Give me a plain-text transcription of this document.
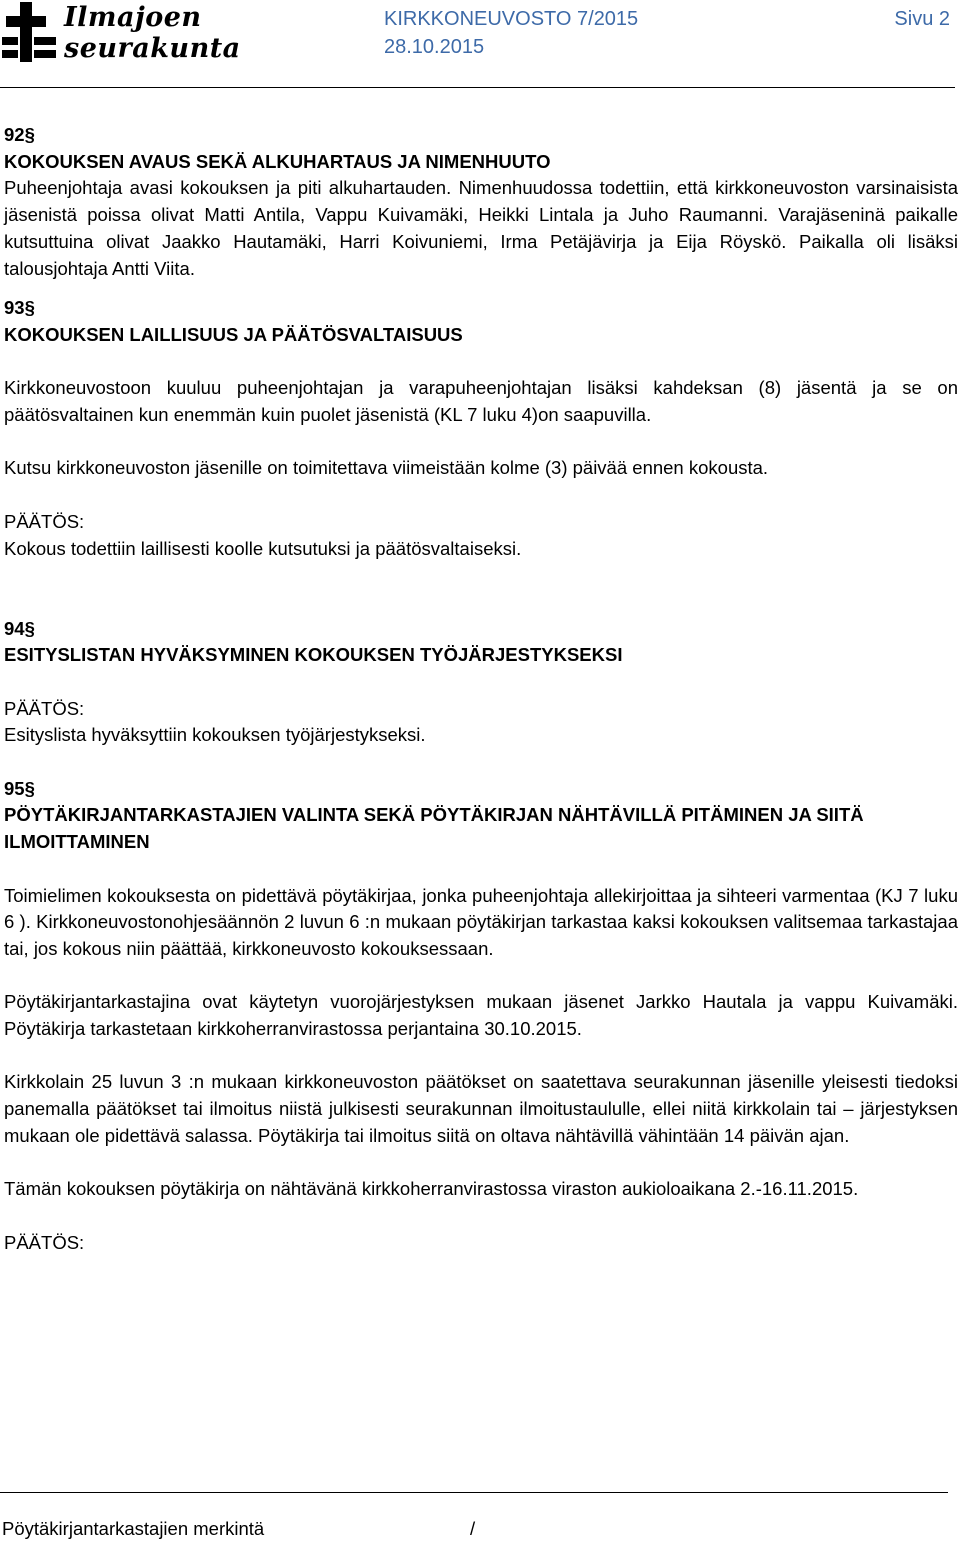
Ilmajoen
seurakunta
KIRKKONEUVOSTO 7/2015
28.10.2015
Sivu 2

92§

KOKOUKSEN AVAUS SEKÄ ALKUHARTAUS JA NIMENHUUTO

Puheenjohtaja avasi kokouksen ja piti alkuhartauden. Nimenhuudossa todettiin, että kirkkoneuvoston varsinaisista jäsenistä poissa olivat Matti Antila, Vappu Kuivamäki, Heikki Lintala ja Juho Raumanni. Varajäseninä paikalle kutsuttuina olivat Jaakko Hautamäki, Harri Koivuniemi, Irma Petäjävirja ja Eija Röyskö. Paikalla oli lisäksi talousjohtaja Antti Viita.

93§

KOKOUKSEN LAILLISUUS JA PÄÄTÖSVALTAISUUS

Kirkkoneuvostoon kuuluu puheenjohtajan ja varapuheenjohtajan lisäksi kahdeksan (8) jäsentä ja se on päätösvaltainen kun enemmän kuin puolet jäsenistä (KL 7 luku 4)on saapuvilla.

Kutsu kirkkoneuvoston jäsenille on toimitettava viimeistään kolme (3) päivää ennen kokousta.

PÄÄTÖS:

Kokous todettiin laillisesti koolle kutsutuksi ja päätösvaltaiseksi.

94§

ESITYSLISTAN HYVÄKSYMINEN KOKOUKSEN TYÖJÄRJESTYKSEKSI

PÄÄTÖS:

Esityslista hyväksyttiin kokouksen työjärjestykseksi.

95§

PÖYTÄKIRJANTARKASTAJIEN VALINTA SEKÄ PÖYTÄKIRJAN NÄHTÄVILLÄ PITÄMINEN JA SIITÄ ILMOITTAMINEN

Toimielimen kokouksesta on pidettävä pöytäkirjaa, jonka puheenjohtaja allekirjoittaa ja sihteeri varmentaa (KJ 7 luku 6 ). Kirkkoneuvostonohjesäännön 2 luvun 6 :n mukaan pöytäkirjan tarkastaa kaksi kokouksen valitsemaa tarkastajaa tai, jos kokous niin päättää, kirkkoneuvosto kokouksessaan.

Pöytäkirjantarkastajina ovat käytetyn vuorojärjestyksen mukaan jäsenet Jarkko Hautala ja vappu Kuivamäki. Pöytäkirja tarkastetaan kirkkoherranvirastossa perjantaina 30.10.2015.

Kirkkolain 25 luvun 3 :n mukaan kirkkoneuvoston päätökset on saatettava seurakunnan jäsenille yleisesti tiedoksi panemalla päätökset tai ilmoitus niistä julkisesti seurakunnan ilmoitustaululle, ellei niitä kirkkolain tai – järjestyksen mukaan ole pidettävä salassa. Pöytäkirja tai ilmoitus siitä on oltava nähtävillä vähintään 14 päivän ajan.

Tämän kokouksen pöytäkirja on nähtävänä kirkkoherranvirastossa viraston aukioloaikana 2.-16.11.2015.

PÄÄTÖS:

Pöytäkirjantarkastajien merkintä	/
